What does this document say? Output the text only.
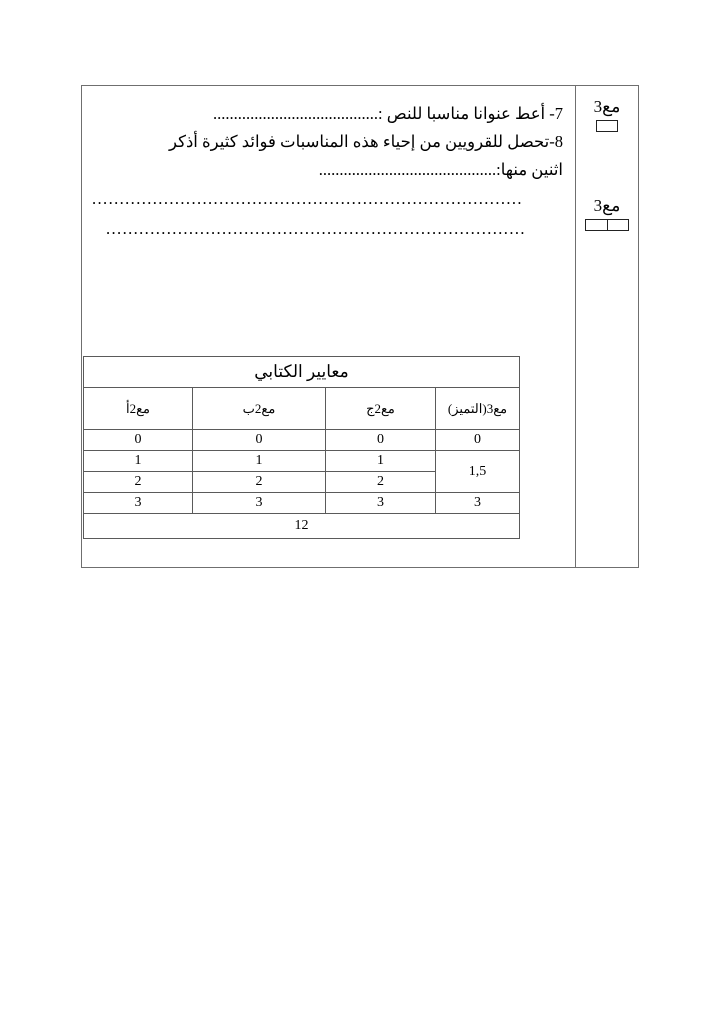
مع3
مع3
7- أعط عنوانا مناسبا للنص :........................................
8-تحصل للقرويين من إحياء هذه المناسبات فوائد كثيرة أذكر
اثنين منها:...........................................
..............................................................................
............................................................................
معايير الكتابي			
مع3(التميز)	مع2ج	مع2ب	مع2أ
0	0	0	0
1,5	1	1	1
	2	2	2
3	3	3	3
12			
